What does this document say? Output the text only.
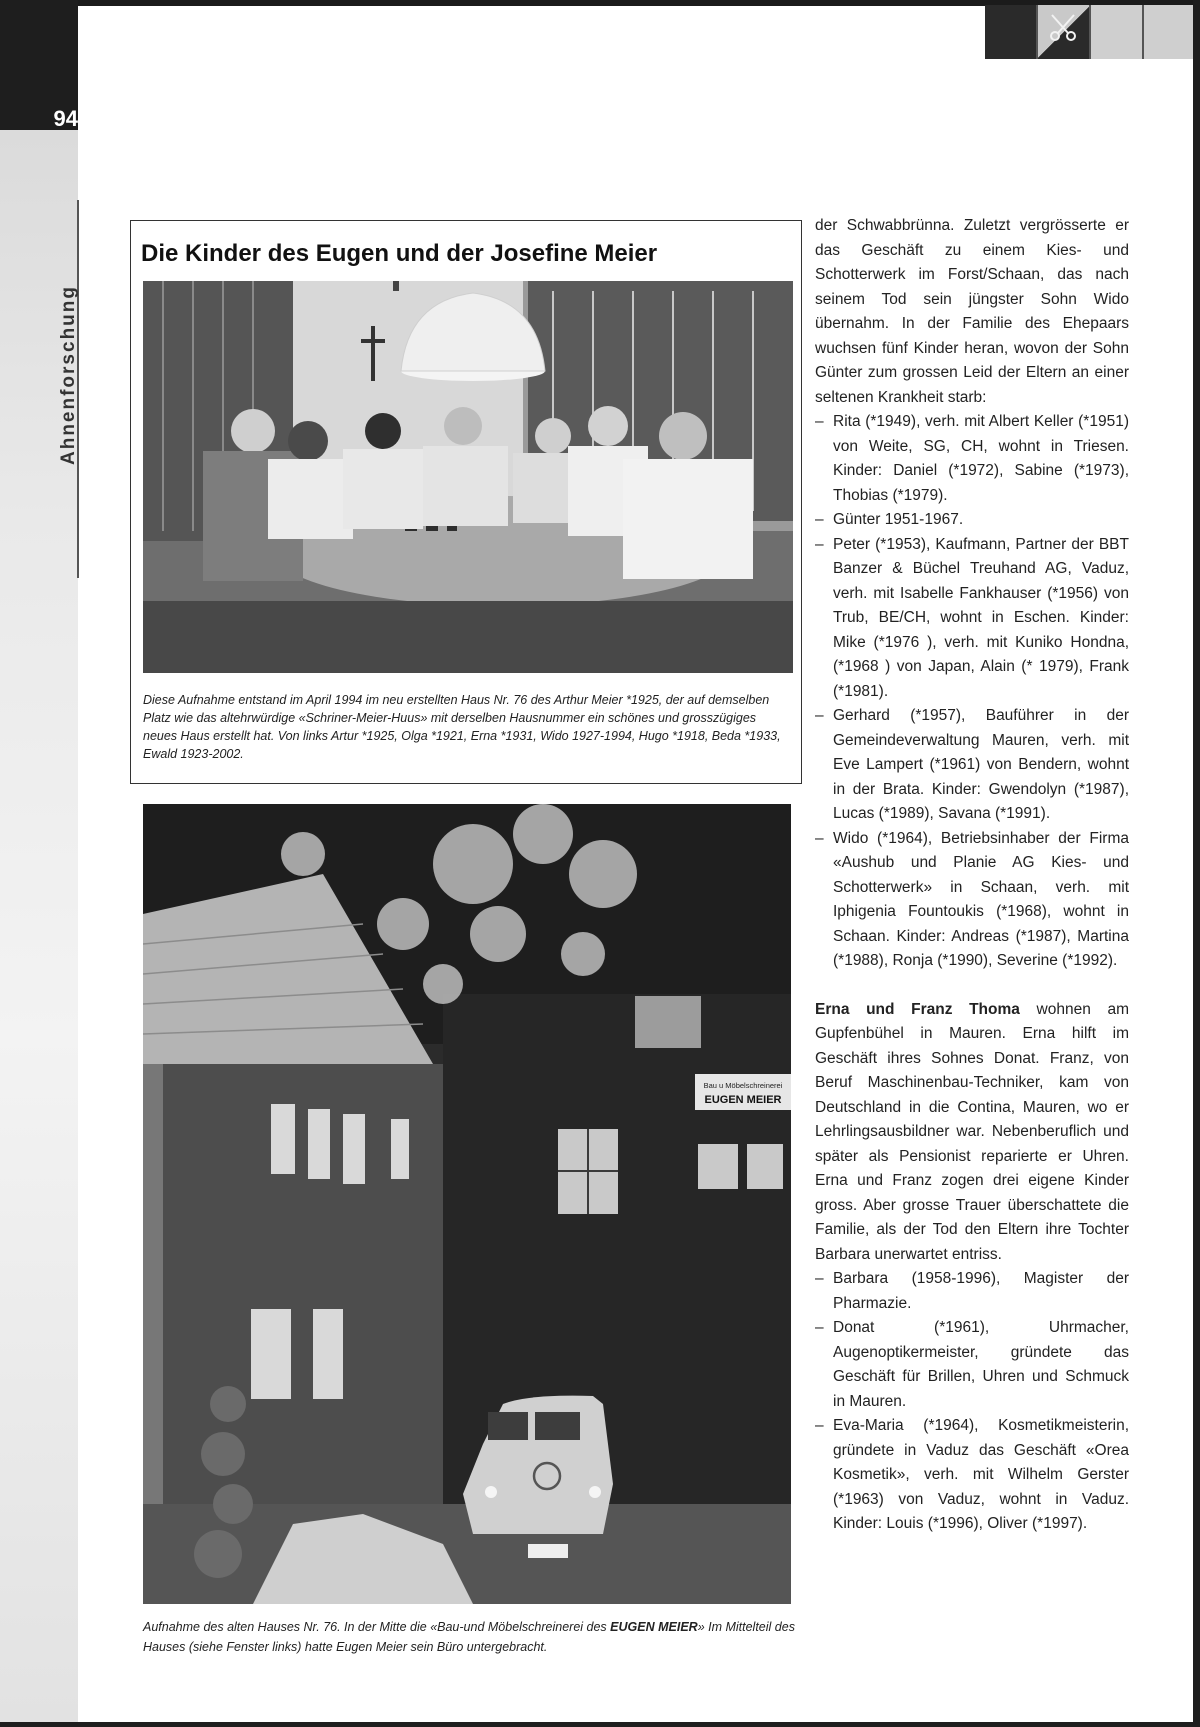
94
Ahnenforschung
Die Kinder des Eugen und der Josefine Meier
Diese Aufnahme entstand im April 1994 im neu erstellten Haus Nr. 76 des Arthur Meier *1925, der auf demselben Platz wie das altehrwürdige «Schriner-Meier-Huus» mit derselben Hausnummer ein schönes und grosszügiges neues Haus erstellt hat. Von links Artur *1925, Olga *1921, Erna *1931, Wido 1927-1994, Hugo *1918, Beda *1933, Ewald 1923-2002.
Bau u Möbelschreinerei
EUGEN MEIER
Aufnahme des alten Hauses Nr. 76. In der Mitte die «Bau-und Möbelschreinerei des EUGEN MEIER» Im Mittelteil des Hauses (siehe Fenster links) hatte Eugen Meier sein Büro untergebracht.

der Schwabbrünna. Zuletzt vergrösserte er das Geschäft zu einem Kies- und Schotterwerk im Forst/Schaan, das nach seinem Tod sein jüngster Sohn Wido übernahm. In der Familie des Ehepaars wuchsen fünf Kinder heran, wovon der Sohn Günter zum grossen Leid der Eltern an einer seltenen Krankheit starb:

– Rita (*1949), verh. mit Albert Keller (*1951) von Weite, SG, CH, wohnt in Triesen. Kinder: Daniel (*1972), Sabine (*1973), Thobias (*1979).
– Günter 1951-1967.
– Peter (*1953), Kaufmann, Partner der BBT Banzer & Büchel Treuhand AG, Vaduz, verh. mit Isabelle Fankhauser (*1956) von Trub, BE/CH, wohnt in Eschen. Kinder: Mike (*1976 ), verh. mit Kuniko Hondna, (*1968 ) von Japan, Alain (* 1979), Frank (*1981).
– Gerhard (*1957), Bauführer in der Gemeindeverwaltung Mauren, verh. mit Eve Lampert (*1961) von Bendern, wohnt in der Brata. Kinder: Gwendolyn (*1987), Lucas (*1989), Savana (*1991).
– Wido (*1964), Betriebsinhaber der Firma «Aushub und Planie AG Kies- und Schotterwerk» in Schaan, verh. mit Iphigenia Fountoukis (*1968), wohnt in Schaan. Kinder: Andreas (*1987), Martina (*1988), Ronja (*1990), Severine (*1992).

Erna und Franz Thoma wohnen am Gupfenbühel in Mauren. Erna hilft im Geschäft ihres Sohnes Donat. Franz, von Beruf Maschinenbau-Techniker, kam von Deutschland in die Contina, Mauren, wo er Lehrlingsausbildner war. Nebenberuflich und später als Pensionist reparierte er Uhren. Erna und Franz zogen drei eigene Kinder gross. Aber grosse Trauer überschattete die Familie, als der Tod den Eltern ihre Tochter Barbara unerwartet entriss.

– Barbara (1958-1996), Magister der Pharmazie.
– Donat (*1961), Uhrmacher, Augenoptikermeister, gründete das Geschäft für Brillen, Uhren und Schmuck in Mauren.
– Eva-Maria (*1964), Kosmetikmeisterin, gründete in Vaduz das Geschäft «Orea Kosmetik», verh. mit Wilhelm Gerster (*1963) von Vaduz, wohnt in Vaduz. Kinder: Louis (*1996), Oliver (*1997).
